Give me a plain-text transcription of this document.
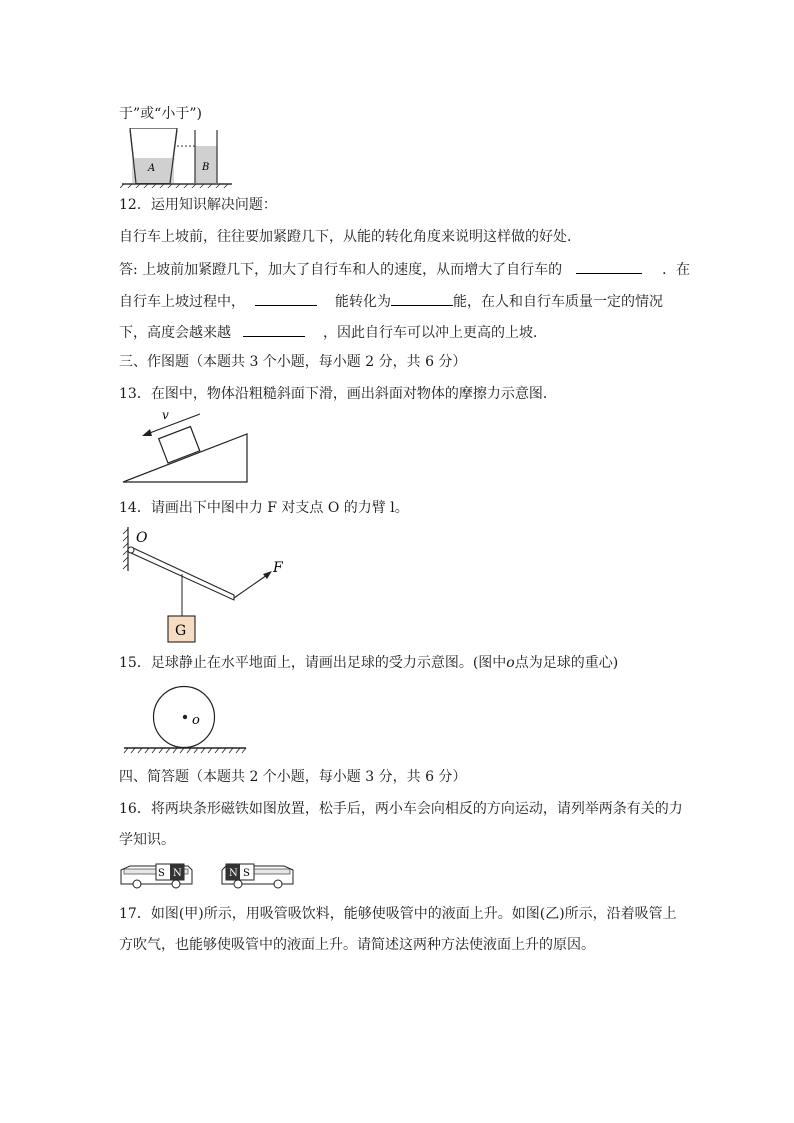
于”或“小于”)
A	B
12．运用知识解决问题：
自行车上坡前，往往要加紧蹬几下，从能的转化角度来说明这样做的好处．
答: 上坡前加紧蹬几下，加大了自行车和人的速度，从而增大了自行车的	．在
自行车上坡过程中，	能转化为	能，在人和自行车质量一定的情况
下，高度会越来越	，因此自行车可以冲上更高的上坡．
三、作图题（本题共 3 个小题，每小题 2 分，共 6 分）
13．在图中，物体沿粗糙斜面下滑，画出斜面对物体的摩擦力示意图．
v
14．请画出下中图中力 F 对支点 O 的力臂 l。
O
F
G
15．足球静止在水平地面上，请画出足球的受力示意图。(图中o点为足球的重心)
o
四、简答题（本题共 2 个小题，每小题 3 分，共 6 分）
16．将两块条形磁铁如图放置，松手后，两小车会向相反的方向运动，请列举两条有关的力
学知识。
S N	N S
17．如图(甲)所示，用吸管吸饮料，能够使吸管中的液面上升。如图(乙)所示，沿着吸管上
方吹气，也能够使吸管中的液面上升。请简述这两种方法使液面上升的原因。
